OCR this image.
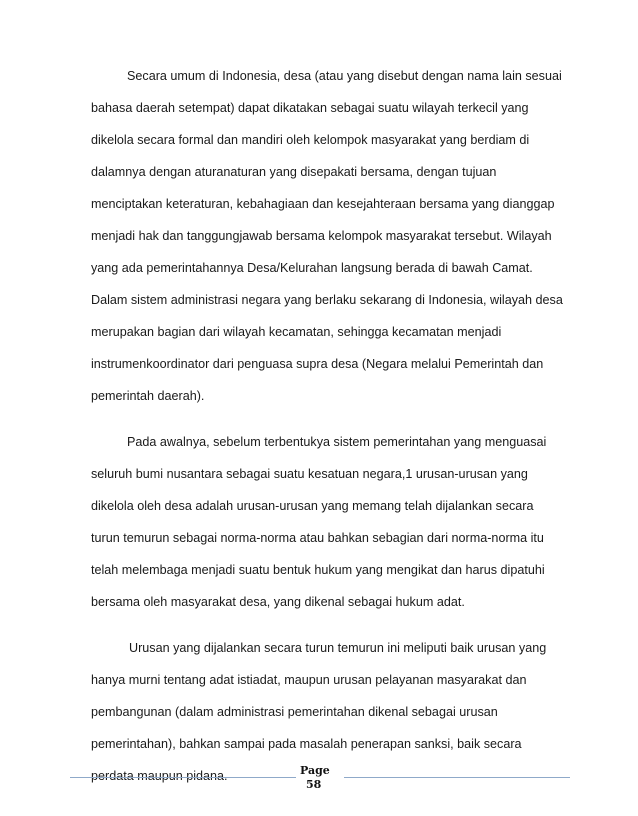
Secara umum di Indonesia, desa (atau yang disebut dengan nama lain sesuai
bahasa daerah setempat) dapat dikatakan sebagai suatu wilayah terkecil yang
dikelola secara formal dan mandiri oleh kelompok masyarakat yang berdiam di
dalamnya dengan aturanaturan yang disepakati bersama, dengan tujuan
menciptakan keteraturan, kebahagiaan dan kesejahteraan bersama yang dianggap
menjadi hak dan tanggungjawab bersama kelompok masyarakat tersebut. Wilayah
yang ada pemerintahannya Desa/Kelurahan langsung berada di bawah Camat.
Dalam sistem administrasi negara yang berlaku sekarang di Indonesia, wilayah desa
merupakan bagian dari wilayah kecamatan, sehingga kecamatan menjadi
instrumenkoordinator dari penguasa supra desa (Negara melalui Pemerintah dan
pemerintah daerah).
Pada awalnya, sebelum terbentukya sistem pemerintahan yang menguasai
seluruh bumi nusantara sebagai suatu kesatuan negara,1 urusan-urusan yang
dikelola oleh desa adalah urusan-urusan yang memang telah dijalankan secara
turun temurun sebagai norma-norma atau bahkan sebagian dari norma-norma itu
telah melembaga menjadi suatu bentuk hukum yang mengikat dan harus dipatuhi
bersama oleh masyarakat desa, yang dikenal sebagai hukum adat.
Urusan yang dijalankan secara turun temurun ini meliputi baik urusan yang
hanya murni tentang adat istiadat, maupun urusan pelayanan masyarakat dan
pembangunan (dalam administrasi pemerintahan dikenal sebagai urusan
pemerintahan), bahkan sampai pada masalah penerapan sanksi, baik secara
perdata maupun pidana.	Page
58
